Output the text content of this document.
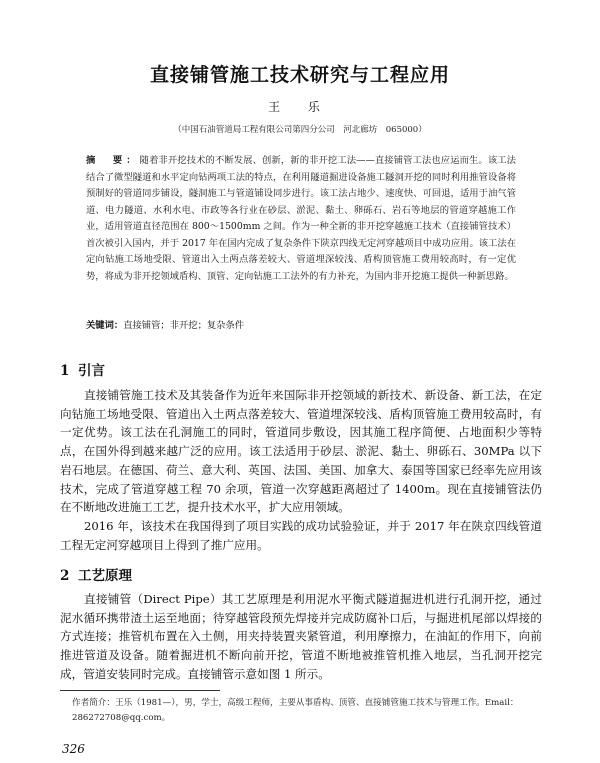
直接铺管施工技术研究与工程应用
王 乐
（中国石油管道局工程有限公司第四分公司　河北廊坊　065000）
摘　要：随着非开挖技术的不断发展、创新，新的非开挖工法——直接铺管工法也应运而生。该工法结合了微型隧道和水平定向钻两项工法的特点，在利用隧道掘进设备施工隧洞开挖的同时利用推管设备将预制好的管道同步铺设，隧洞施工与管道铺设同步进行。该工法占地少、速度快、可回退，适用于油气管道、电力隧道、水利水电、市政等各行业在砂层、淤泥、黏土、卵砾石、岩石等地层的管道穿越施工作业，适用管道直径范围在 800～1500mm 之间。作为一种全新的非开挖穿越施工技术（直接铺管技术）首次被引入国内，并于 2017 年在国内完成了复杂条件下陕京四线无定河穿越项目中成功应用。该工法在定向钻施工场地受限、管道出入土两点落差较大、管道埋深较浅、盾构顶管施工费用较高时，有一定优势，将成为非开挖领域盾构、顶管、定向钻施工工法外的有力补充，为国内非开挖施工提供一种新思路。
关键词：直接铺管；非开挖；复杂条件
1 引言

直接铺管施工技术及其装备作为近年来国际非开挖领域的新技术、新设备、新工法，在定向钻施工场地受限、管道出入土两点落差较大、管道埋深较浅、盾构顶管施工费用较高时，有一定优势。该工法在孔洞施工的同时，管道同步敷设，因其施工程序简便、占地面积少等特点，在国外得到越来越广泛的应用。该工法适用于砂层、淤泥、黏土、卵砾石、30MPa 以下岩石地层。在德国、荷兰、意大利、英国、法国、美国、加拿大、泰国等国家已经率先应用该技术，完成了管道穿越工程 70 余项，管道一次穿越距离超过了 1400m。现在直接铺管法仍在不断地改进施工工艺，提升技术水平，扩大应用领域。

2016 年，该技术在我国得到了项目实践的成功试验验证，并于 2017 年在陕京四线管道工程无定河穿越项目上得到了推广应用。

2 工艺原理

直接铺管（Direct Pipe）其工艺原理是利用泥水平衡式隧道掘进机进行孔洞开挖，通过泥水循环携带渣土运至地面；待穿越管段预先焊接并完成防腐补口后，与掘进机尾部以焊接的方式连接；推管机布置在入土侧，用夹持装置夹紧管道，利用摩擦力，在油缸的作用下，向前推进管道及设备。随着掘进机不断向前开挖，管道不断地被推管机推入地层，当孔洞开挖完成，管道安装同时完成。直接铺管示意如图 1 所示。

作者简介：王乐（1981—），男，学士，高级工程师，主要从事盾构、顶管、直接铺管施工技术与管理工作。Email：286272708@qq.com。
326
